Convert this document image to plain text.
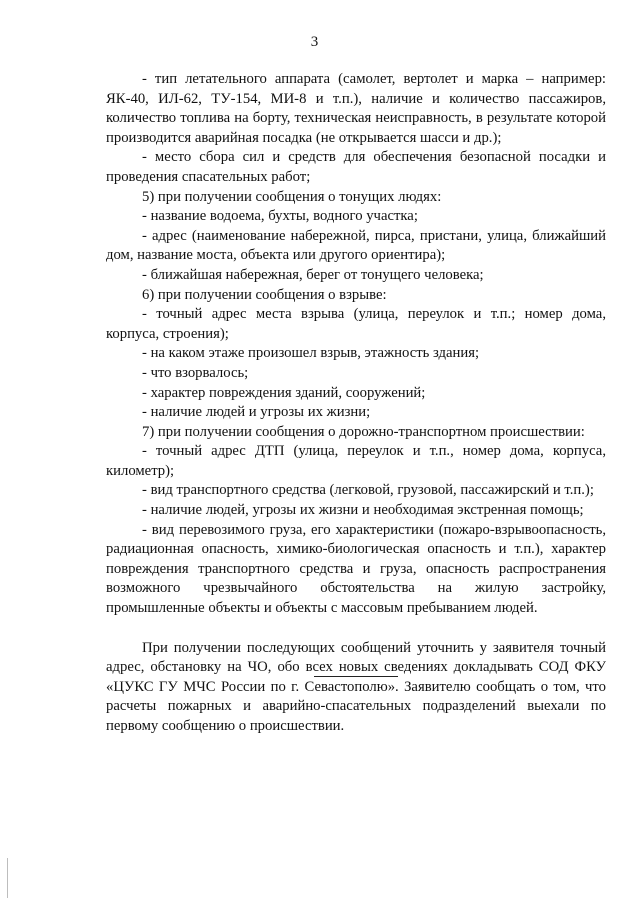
3

- тип летательного аппарата (самолет, вертолет и марка – например: ЯК-40, ИЛ-62, ТУ-154, МИ-8 и т.п.), наличие и количество пассажиров, количество топлива на борту, техническая неисправность, в результате которой производится аварийная посадка (не открывается шасси и др.);

- место сбора сил и средств для обеспечения безопасной посадки и проведения спасательных работ;

5) при получении сообщения о тонущих людях:

- название водоема, бухты, водного участка;

- адрес (наименование набережной, пирса, пристани, улица, ближайший дом, название моста, объекта или другого ориентира);

- ближайшая набережная, берег от тонущего человека;

6) при получении сообщения о взрыве:

- точный адрес места взрыва (улица, переулок и т.п.; номер дома, корпуса, строения);

- на каком этаже произошел взрыв, этажность здания;

- что взорвалось;

- характер повреждения зданий, сооружений;

- наличие людей и угрозы их жизни;

7) при получении сообщения о дорожно-транспортном происшествии:

- точный адрес ДТП (улица, переулок и т.п., номер дома, корпуса, километр);

- вид транспортного средства (легковой, грузовой, пассажирский и т.п.);

- наличие людей, угрозы их жизни и необходимая экстренная помощь;

- вид перевозимого груза, его характеристики (пожаро-взрывоопасность, радиационная опасность, химико-биологическая опасность и т.п.), характер повреждения транспортного средства и груза, опасность распространения возможного чрезвычайного обстоятельства на жилую застройку, промышленные объекты и объекты с массовым пребыванием людей.

При получении последующих сообщений уточнить у заявителя точный адрес, обстановку на ЧО, обо всех новых сведениях докладывать СОД ФКУ «ЦУКС ГУ МЧС России по г. Севастополю». Заявителю сообщать о том, что расчеты пожарных и аварийно-спасательных подразделений выехали по первому сообщению о происшествии.
